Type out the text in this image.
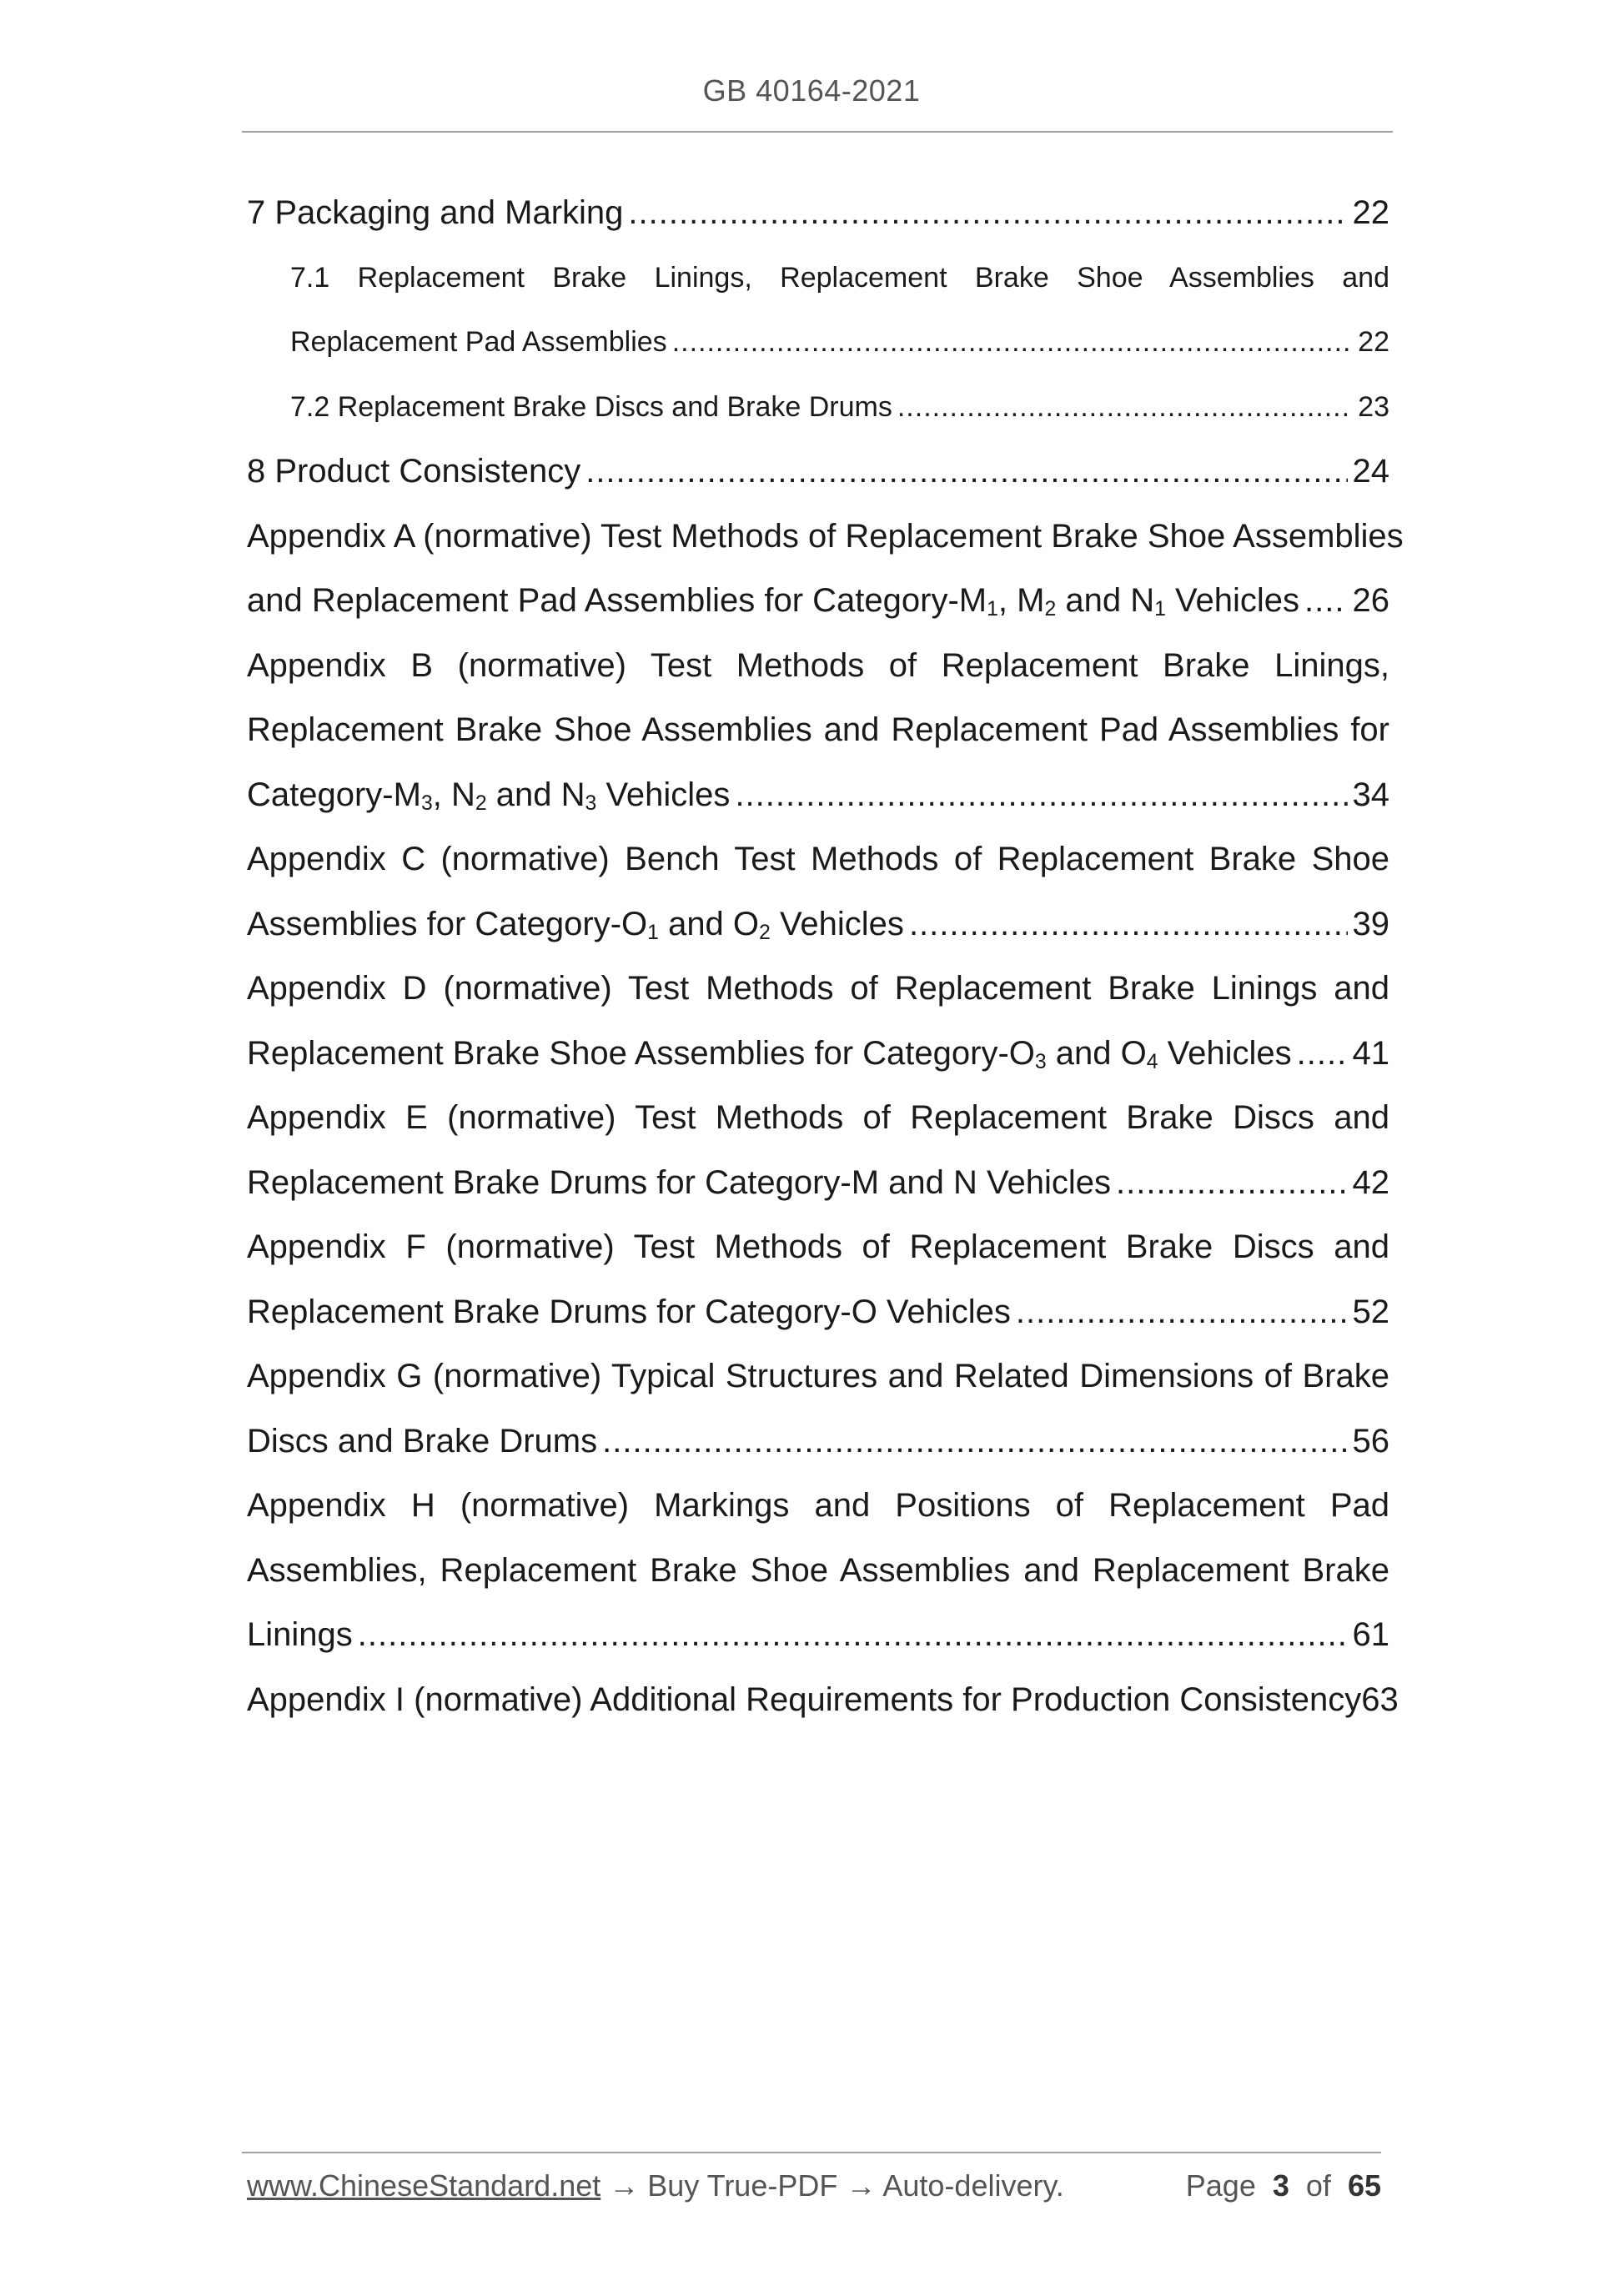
GB 40164-2021
7 Packaging and Marking .....	22
7.1 Replacement Brake Linings, Replacement Brake Shoe Assemblies and
Replacement Pad Assemblies .....	22
7.2 Replacement Brake Discs and Brake Drums .....	23
8 Product Consistency .....	24
Appendix A (normative) Test Methods of Replacement Brake Shoe Assemblies
and Replacement Pad Assemblies for Category-$M_1$, $M_2$ and $N_1$ Vehicles ..... 26
Appendix B (normative) Test Methods of Replacement Brake Linings,
Replacement Brake Shoe Assemblies and Replacement Pad Assemblies for
Category-$M_3$, $N_2$ and $N_3$ Vehicles .....	34
Appendix C (normative) Bench Test Methods of Replacement Brake Shoe
Assemblies for Category-$O_1$ and $O_2$ Vehicles .....	39
Appendix D (normative) Test Methods of Replacement Brake Linings and
Replacement Brake Shoe Assemblies for Category-$O_3$ and $O_4$ Vehicles ..... 41
Appendix E (normative) Test Methods of Replacement Brake Discs and
Replacement Brake Drums for Category-M and N Vehicles .....	42
Appendix F (normative) Test Methods of Replacement Brake Discs and
Replacement Brake Drums for Category-O Vehicles .....	52
Appendix G (normative) Typical Structures and Related Dimensions of Brake
Discs and Brake Drums .....	56
Appendix H (normative) Markings and Positions of Replacement Pad
Assemblies, Replacement Brake Shoe Assemblies and Replacement Brake
Linings .....	61
Appendix I (normative) Additional Requirements for Production Consistency 63
www.ChineseStandard.net → Buy True-PDF → Auto-delivery.	Page 3 of 65
